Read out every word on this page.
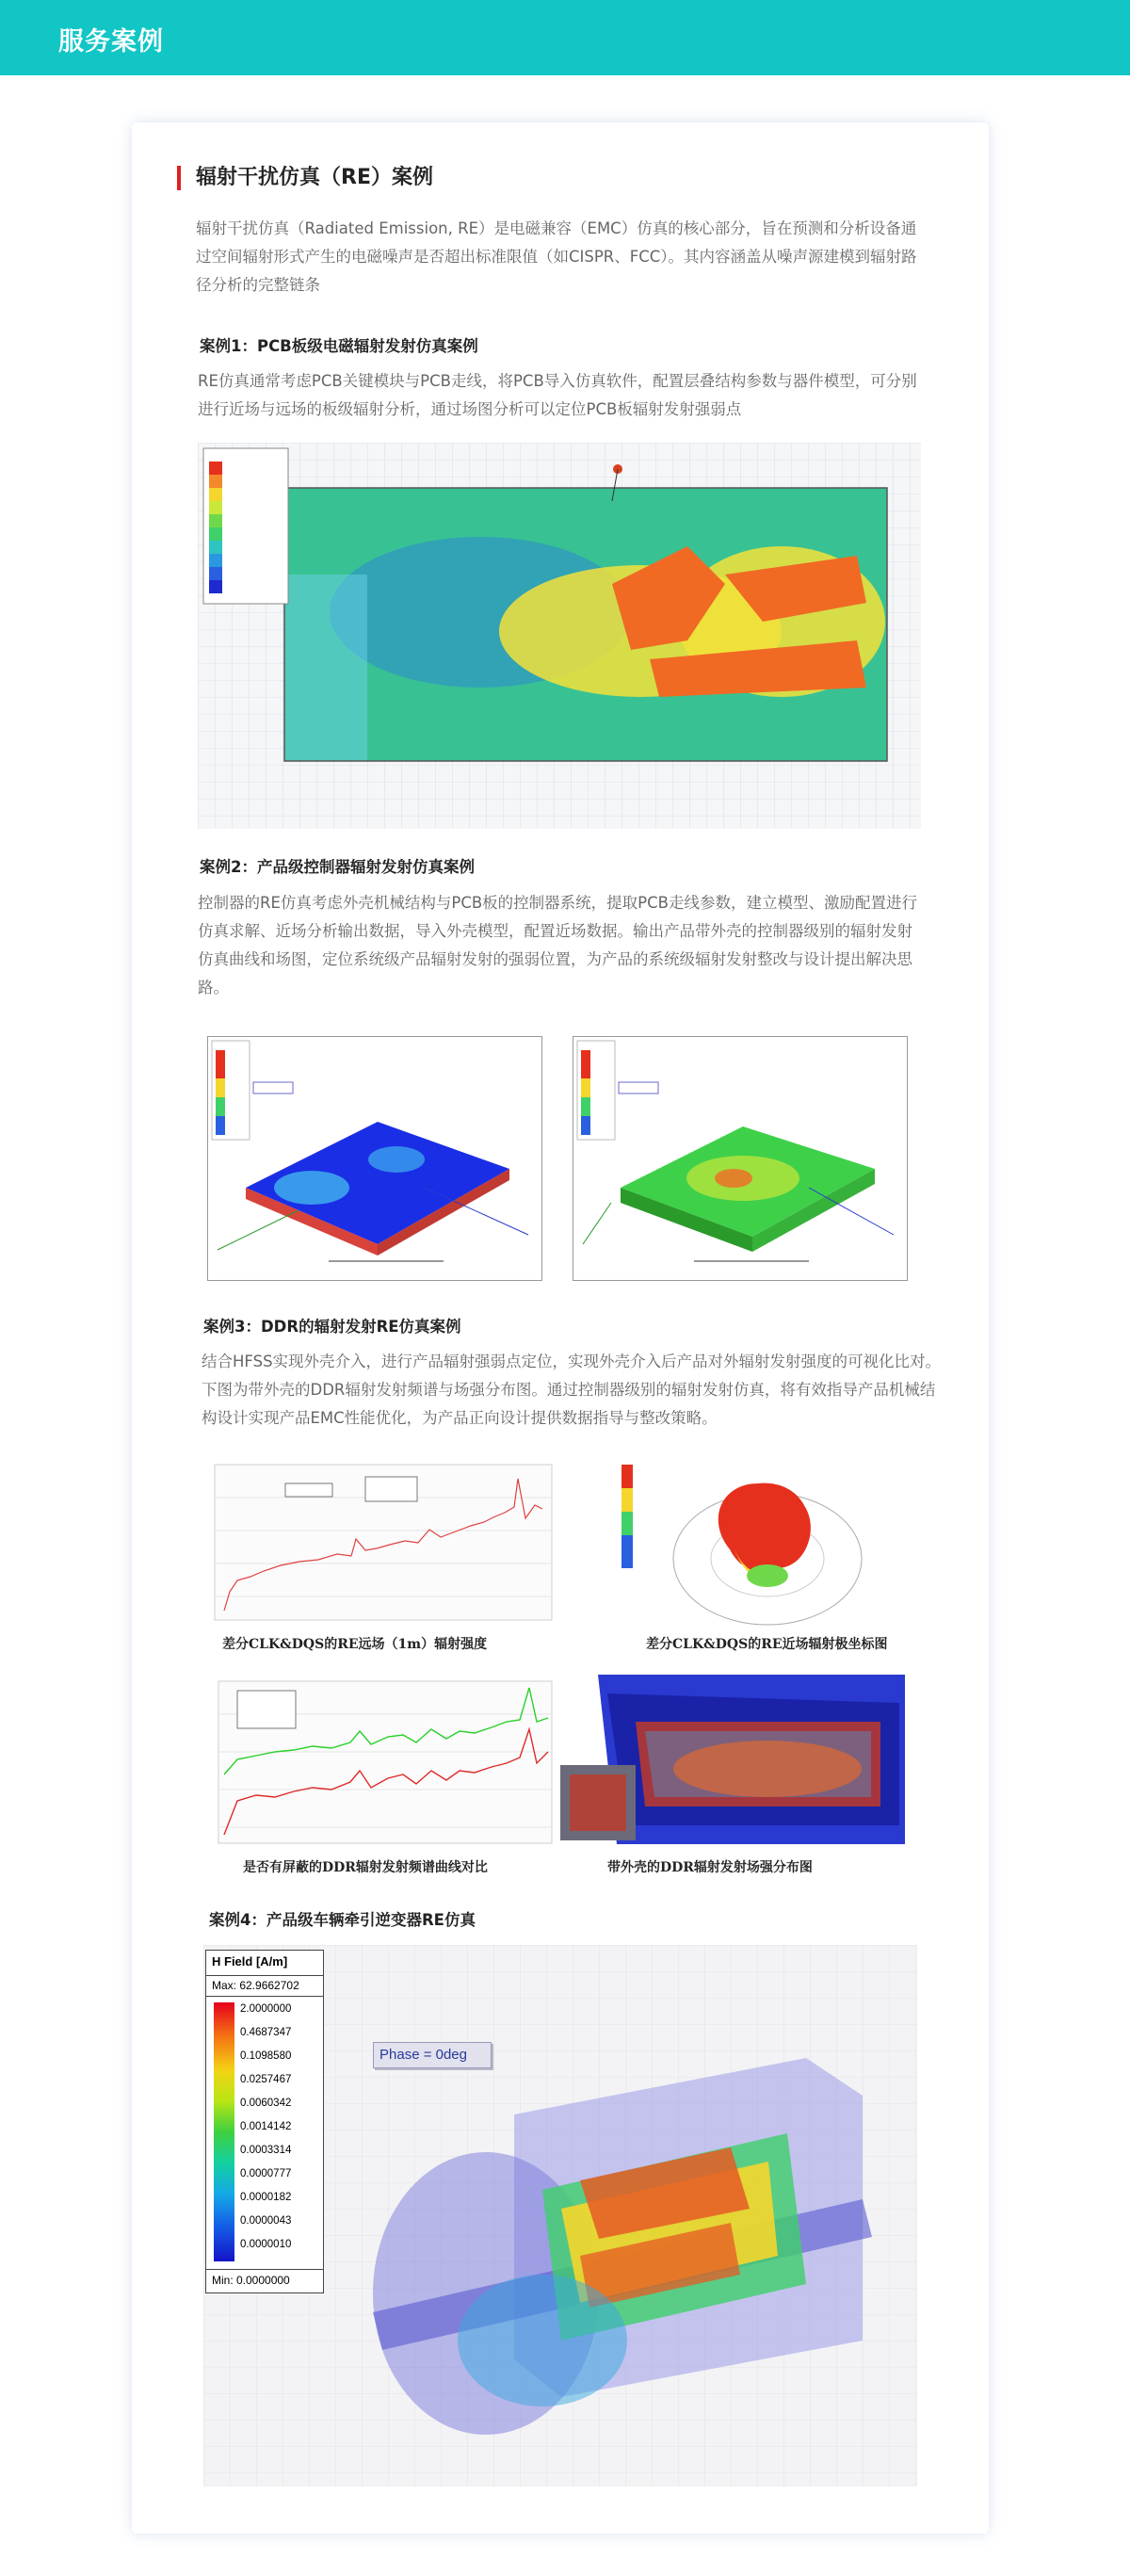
服务案例
辐射干扰仿真（RE）案例
辐射干扰仿真（Radiated Emission, RE）是电磁兼容（EMC）仿真的核心部分，旨在预测和分析设备通过空间辐射形式产生的电磁噪声是否超出标准限值（如CISPR、FCC）。其内容涵盖从噪声源建模到辐射路径分析的完整链条
案例1：PCB板级电磁辐射发射仿真案例
RE仿真通常考虑PCB关键模块与PCB走线，将PCB导入仿真软件，配置层叠结构参数与器件模型，可分别进行近场与远场的板级辐射分析，通过场图分析可以定位PCB板辐射发射强弱点
案例2：产品级控制器辐射发射仿真案例
控制器的RE仿真考虑外壳机械结构与PCB板的控制器系统，提取PCB走线参数，建立模型、激励配置进行仿真求解、近场分析输出数据，导入外壳模型，配置近场数据。输出产品带外壳的控制器级别的辐射发射仿真曲线和场图，定位系统级产品辐射发射的强弱位置，为产品的系统级辐射发射整改与设计提出解决思路。
案例3：DDR的辐射发射RE仿真案例
结合HFSS实现外壳介入，进行产品辐射强弱点定位，实现外壳介入后产品对外辐射发射强度的可视化比对。下图为带外壳的DDR辐射发射频谱与场强分布图。通过控制器级别的辐射发射仿真，将有效指导产品机械结构设计实现产品EMC性能优化，为产品正向设计提供数据指导与整改策略。
差分CLK&DQS的RE远场（1m）辐射强度	差分CLK&DQS的RE近场辐射极坐标图
是否有屏蔽的DDR辐射发射频谱曲线对比	带外壳的DDR辐射发射场强分布图
案例4：产品级车辆牵引逆变器RE仿真
H Field [A/m]
Max: 62.9662702
2.0000000
0.4687347
0.1098580
0.0257467
0.0060342
0.0014142
0.0003314
0.0000777
0.0000182
0.0000043
0.0000010
Min: 0.0000000
Phase = 0deg
